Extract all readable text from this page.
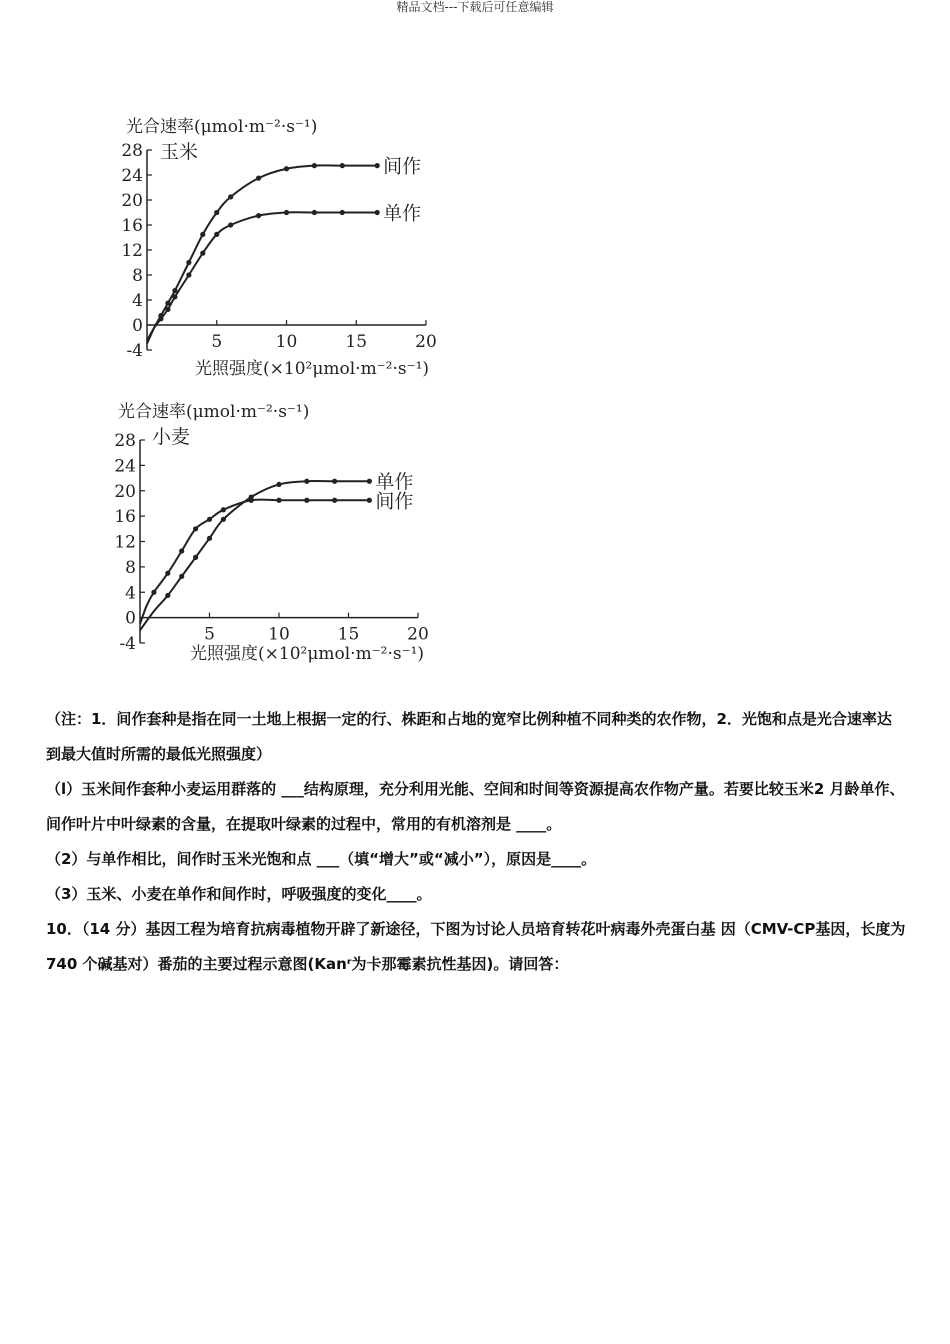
精品文档---下载后可任意编辑
光合速率(μmol·m⁻²·s⁻¹)
玉米
28
24
20
16
12
8
4
0
-4	5	10	15	20
间作
单作
光照强度(×10²μmol·m⁻²·s⁻¹)
光合速率(μmol·m⁻²·s⁻¹)
小麦
28
24
20
16
12
8
4
0
-4	5	10	15	20
单作
间作
光照强度(×10²μmol·m⁻²·s⁻¹)

（注：1．间作套种是指在同一土地上根据一定的行、株距和占地的宽窄比例种植不同种类的农作物，2．光饱和点是光合速率达到最大值时所需的最低光照强度）

（l）玉米间作套种小麦运用群落的 ___结构原理，充分利用光能、空间和时间等资源提高农作物产量。若要比较玉米2 月龄单作、间作叶片中叶绿素的含量，在提取叶绿素的过程中，常用的有机溶剂是 ____。

（2）与单作相比，间作时玉米光饱和点 ___（填“增大”或“减小”），原因是____。

（3）玉米、小麦在单作和间作时，呼吸强度的变化____。

10．（14 分）基因工程为培育抗病毒植物开辟了新途径，下图为讨论人员培育转花叶病毒外壳蛋白基 因（CMV-CP基因，长度为 740 个碱基对）番茄的主要过程示意图(Kanʳ为卡那霉素抗性基因)。请回答：
